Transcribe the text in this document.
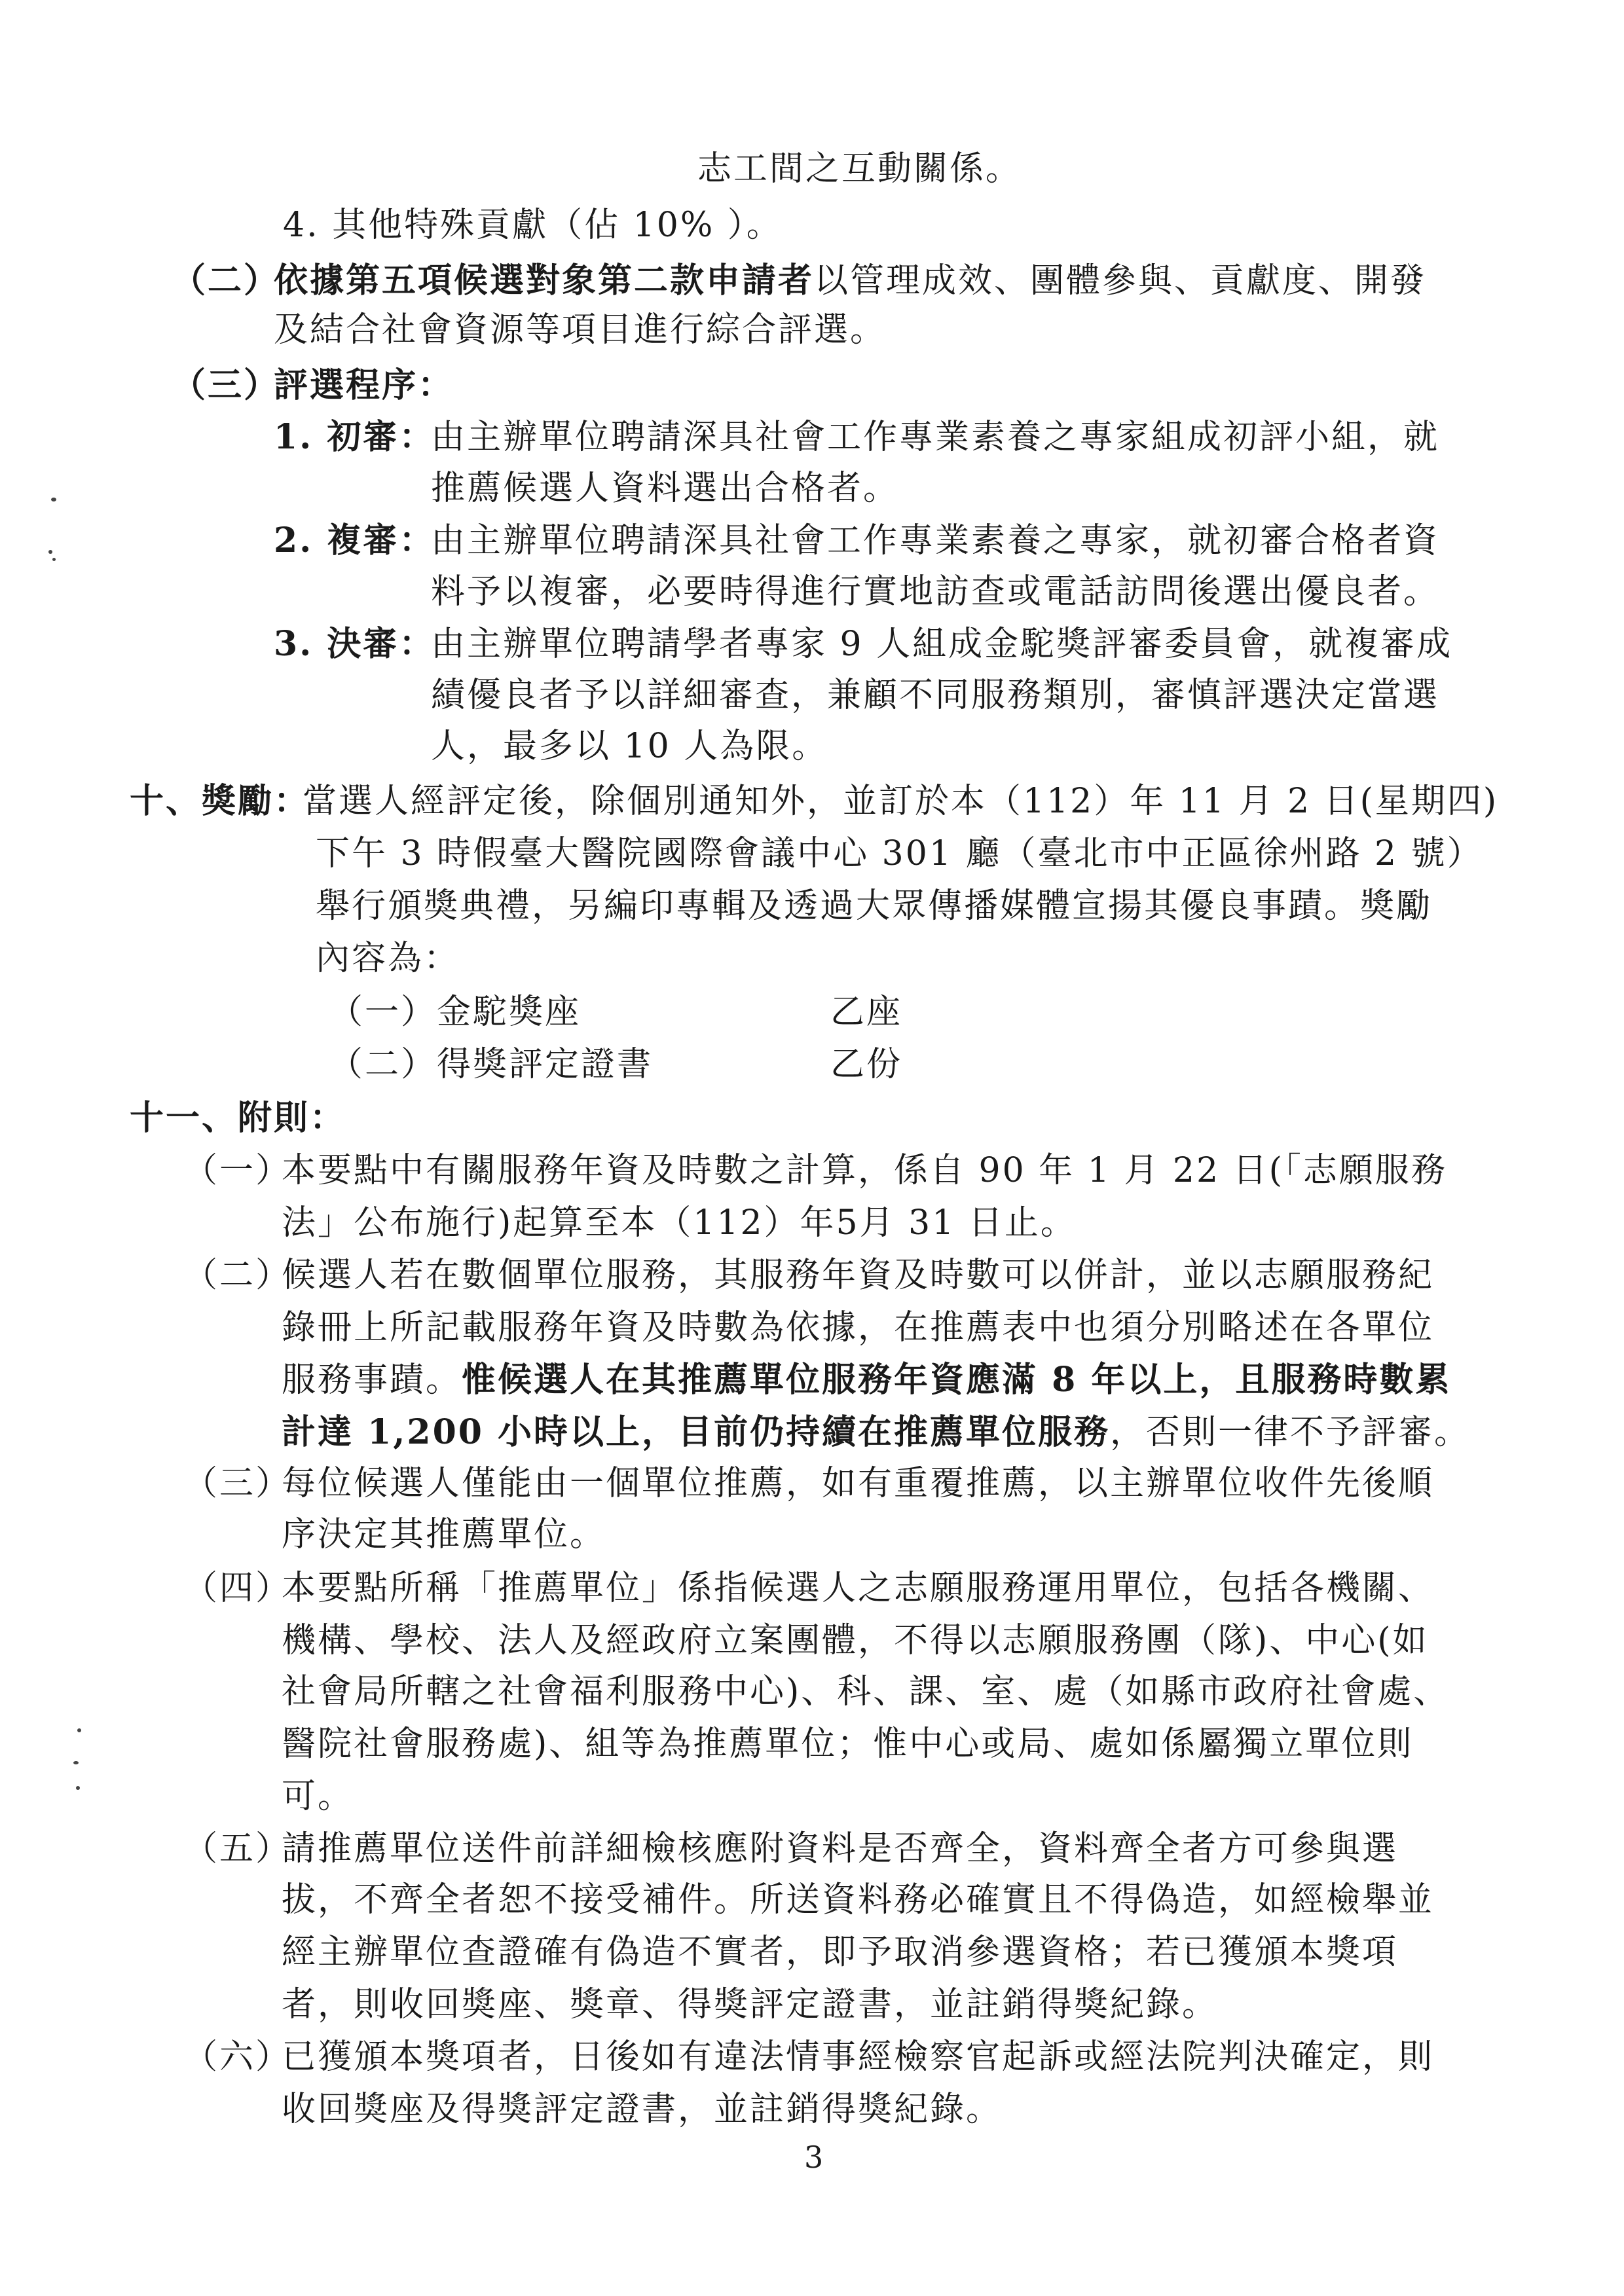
志工間之互動關係。
4. 其他特殊貢獻（佔 10% ）。
（二）
依據第五項候選對象第二款申請者以管理成效、團體參與、貢獻度、開發
及結合社會資源等項目進行綜合評選。
（三）
評選程序：
1. 初審：
由主辦單位聘請深具社會工作專業素養之專家組成初評小組，就
推薦候選人資料選出合格者。
2. 複審：
由主辦單位聘請深具社會工作專業素養之專家，就初審合格者資
料予以複審，必要時得進行實地訪查或電話訪問後選出優良者。
3. 決審：
由主辦單位聘請學者專家 9 人組成金駝獎評審委員會，就複審成
績優良者予以詳細審查，兼顧不同服務類別，審慎評選決定當選
人，最多以 10 人為限。
十、獎勵：
當選人經評定後，除個別通知外，並訂於本（112）年 11 月 2 日(星期四)
下午 3 時假臺大醫院國際會議中心 301 廳（臺北市中正區徐州路 2 號）
舉行頒獎典禮，另編印專輯及透過大眾傳播媒體宣揚其優良事蹟。獎勵
內容為：
（一）金駝獎座	乙座
（二）得獎評定證書	乙份
十一、附則：
（一）
本要點中有關服務年資及時數之計算，係自 90 年 1 月 22 日(「志願服務
法」公布施行)起算至本（112）年5月 31 日止。
（二）
候選人若在數個單位服務，其服務年資及時數可以併計，並以志願服務紀
錄冊上所記載服務年資及時數為依據，在推薦表中也須分別略述在各單位
服務事蹟。惟候選人在其推薦單位服務年資應滿 8 年以上，且服務時數累
計達 1,200 小時以上，目前仍持續在推薦單位服務，否則一律不予評審。
（三）
每位候選人僅能由一個單位推薦，如有重覆推薦，以主辦單位收件先後順
序決定其推薦單位。
（四）
本要點所稱「推薦單位」係指候選人之志願服務運用單位，包括各機關、
機構、學校、法人及經政府立案團體，不得以志願服務團（隊)、中心(如
社會局所轄之社會福利服務中心)、科、課、室、處（如縣市政府社會處、
醫院社會服務處)、組等為推薦單位；惟中心或局、處如係屬獨立單位則
可。
（五）
請推薦單位送件前詳細檢核應附資料是否齊全，資料齊全者方可參與選
拔，不齊全者恕不接受補件。所送資料務必確實且不得偽造，如經檢舉並
經主辦單位查證確有偽造不實者，即予取消參選資格；若已獲頒本獎項
者，則收回獎座、獎章、得獎評定證書，並註銷得獎紀錄。
（六）
已獲頒本獎項者，日後如有違法情事經檢察官起訴或經法院判決確定，則
收回獎座及得獎評定證書，並註銷得獎紀錄。
3
